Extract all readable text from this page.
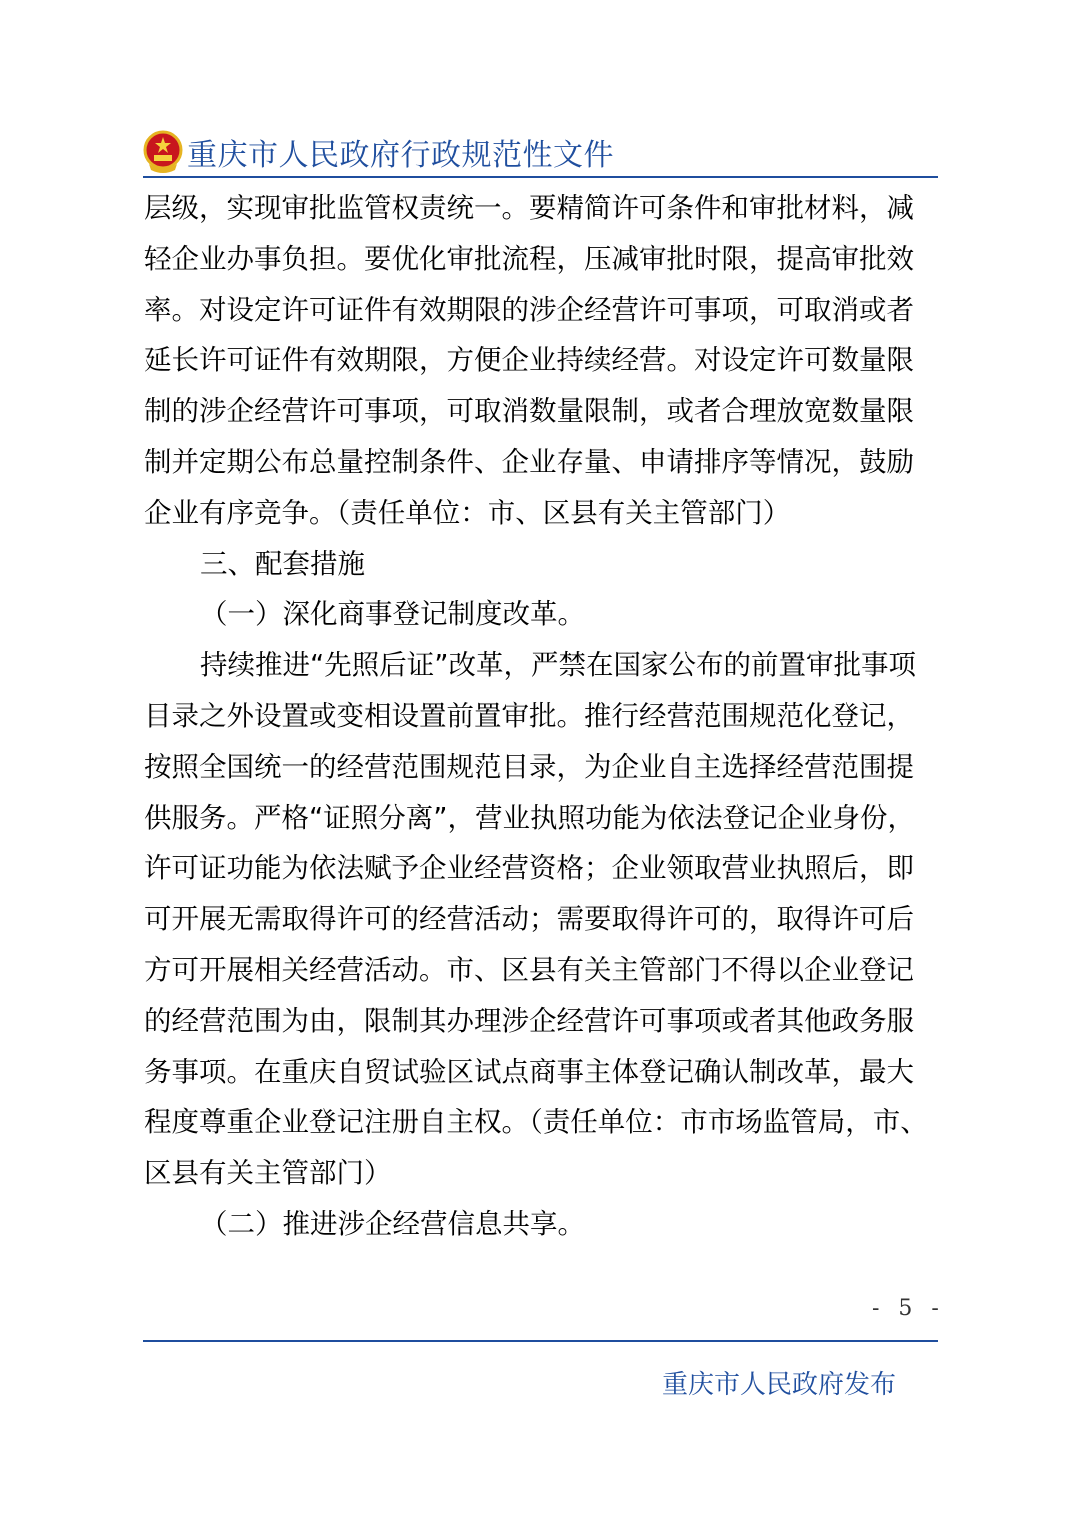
重庆市人民政府行政规范性文件

层级，实现审批监管权责统一。要精简许可条件和审批材料，减

轻企业办事负担。要优化审批流程，压减审批时限，提高审批效

率。对设定许可证件有效期限的涉企经营许可事项，可取消或者

延长许可证件有效期限，方便企业持续经营。对设定许可数量限

制的涉企经营许可事项，可取消数量限制，或者合理放宽数量限

制并定期公布总量控制条件、企业存量、申请排序等情况，鼓励

企业有序竞争。（责任单位：市、区县有关主管部门）

三、配套措施

（一）深化商事登记制度改革。

持续推进“先照后证”改革，严禁在国家公布的前置审批事项

目录之外设置或变相设置前置审批。推行经营范围规范化登记，

按照全国统一的经营范围规范目录，为企业自主选择经营范围提

供服务。严格“证照分离”，营业执照功能为依法登记企业身份，

许可证功能为依法赋予企业经营资格；企业领取营业执照后，即

可开展无需取得许可的经营活动；需要取得许可的，取得许可后

方可开展相关经营活动。市、区县有关主管部门不得以企业登记

的经营范围为由，限制其办理涉企经营许可事项或者其他政务服

务事项。在重庆自贸试验区试点商事主体登记确认制改革，最大

程度尊重企业登记注册自主权。（责任单位：市市场监管局，市、

区县有关主管部门）

（二）推进涉企经营信息共享。

- 5 -
重庆市人民政府发布
